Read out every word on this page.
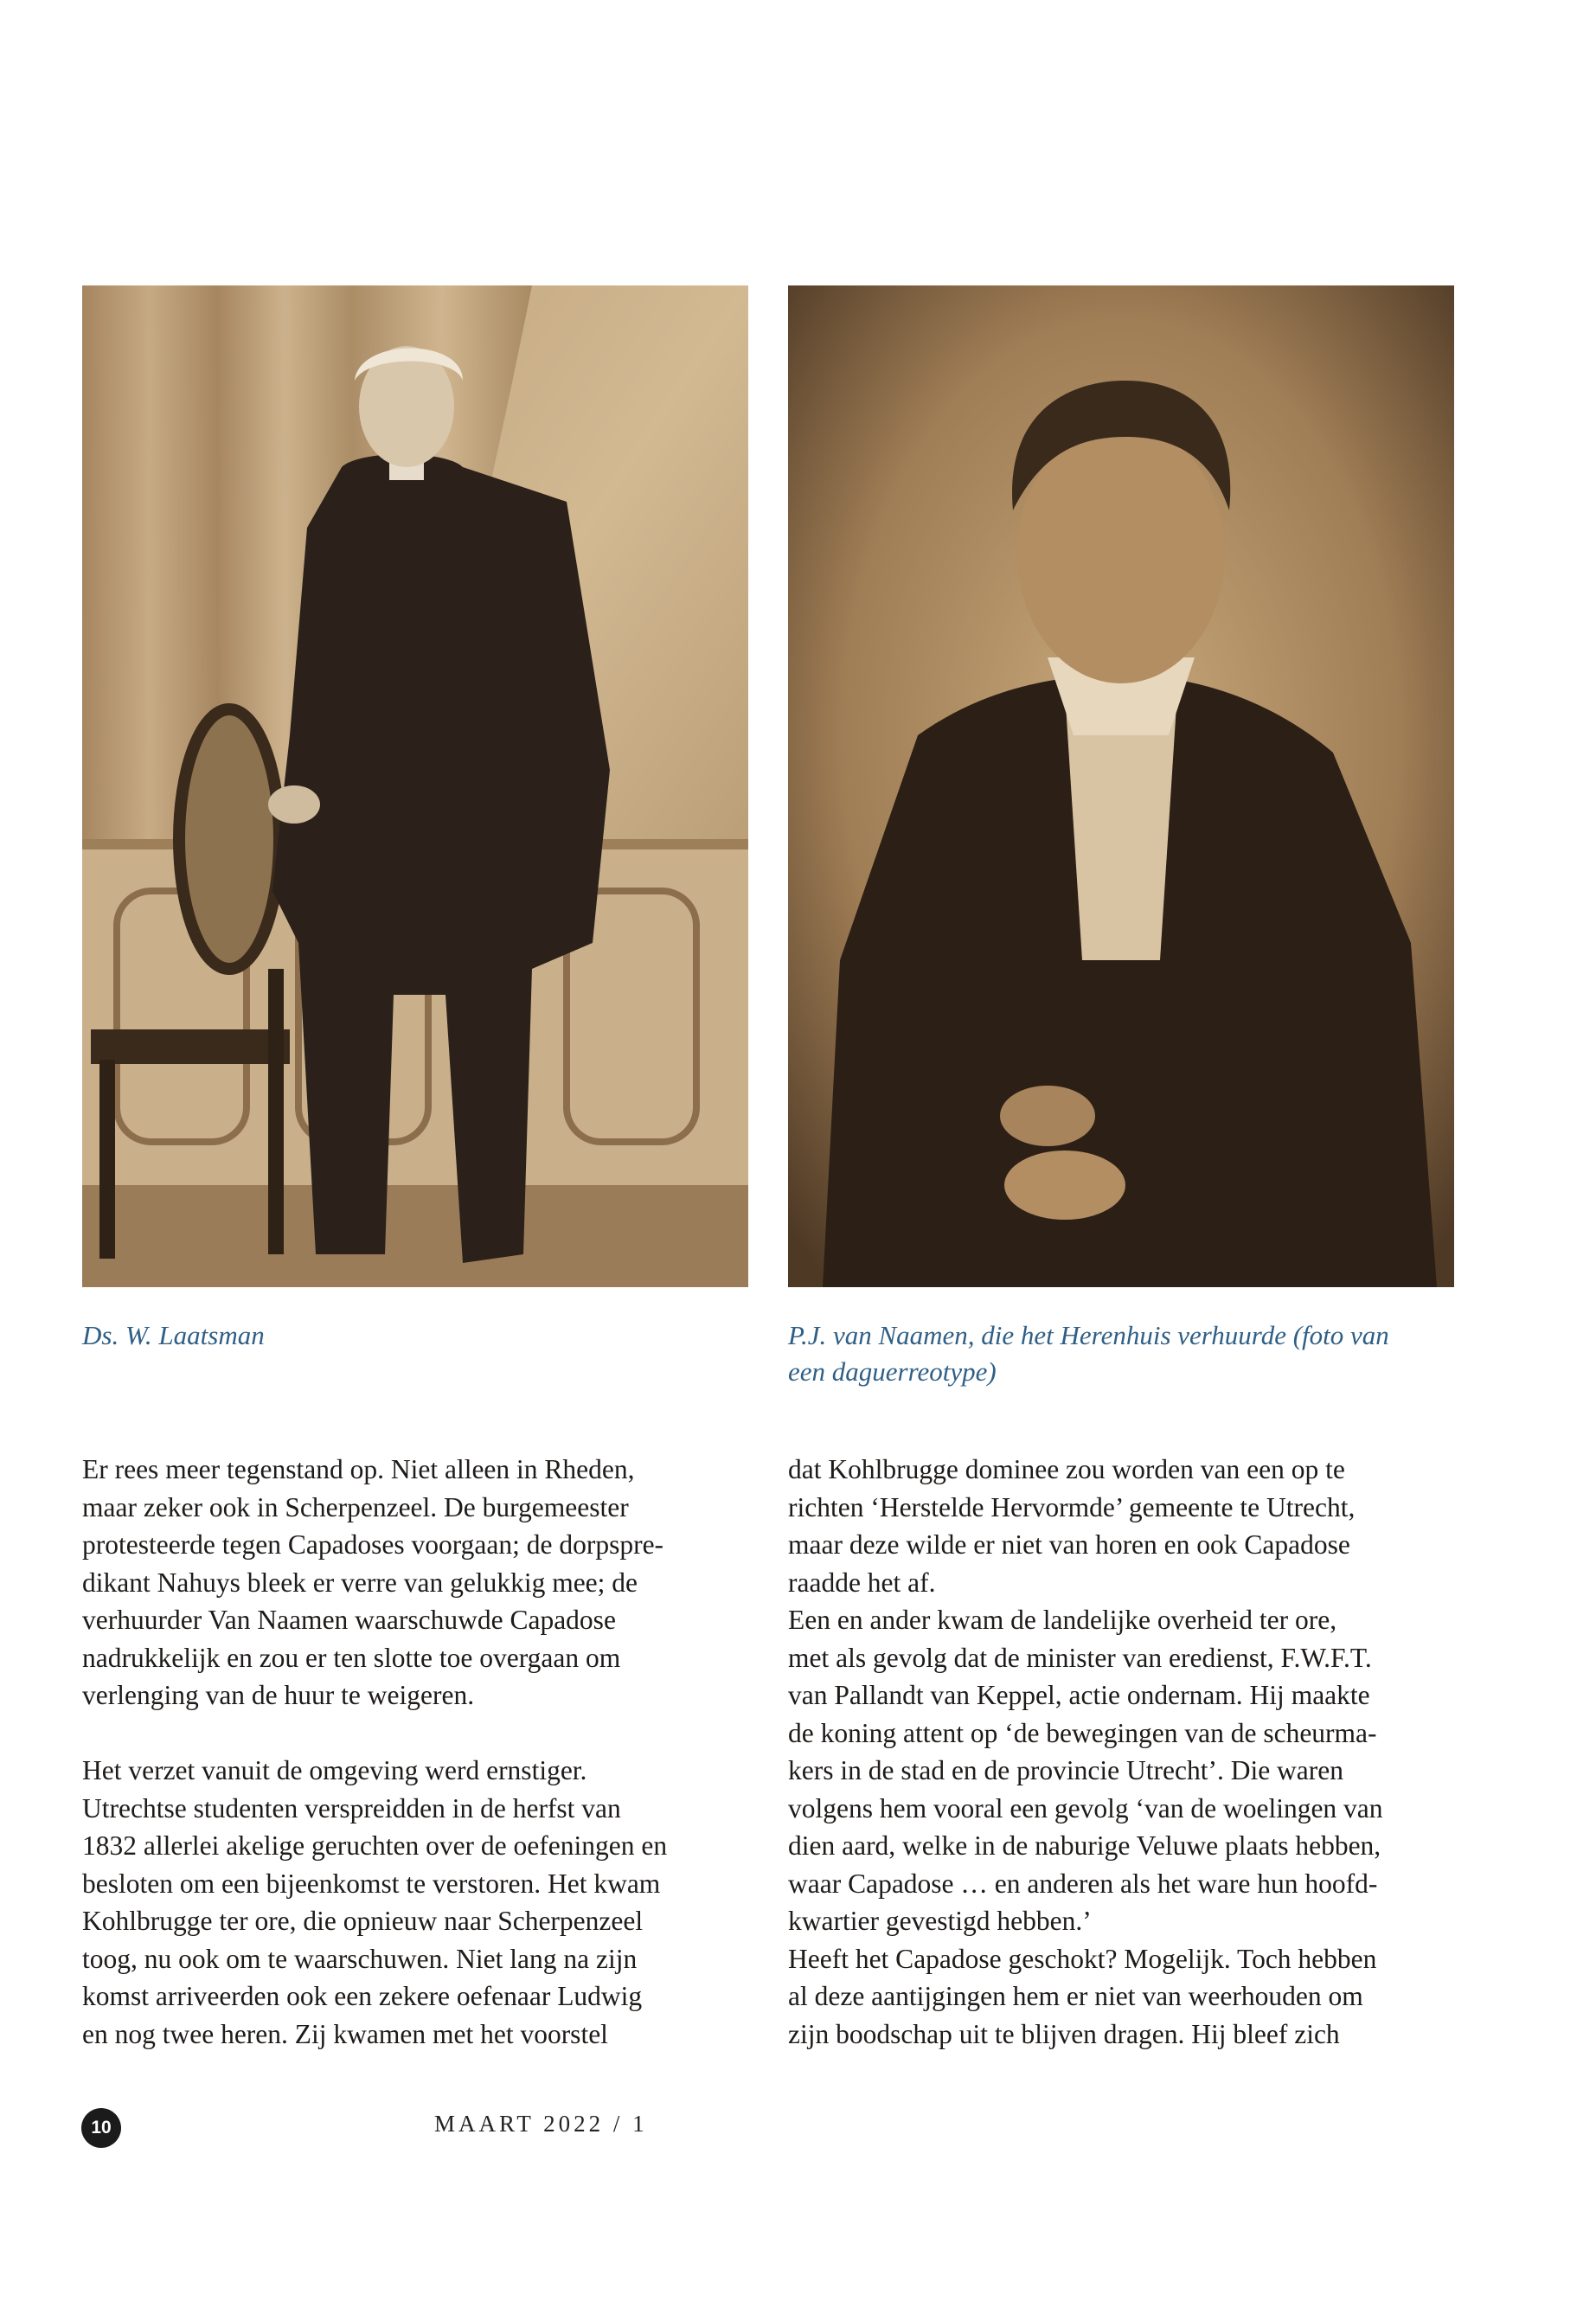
Ds. W. Laatsman	P.J. van Naamen, die het Herenhuis verhuurde (foto van
een daguerreotype)

Er rees meer tegenstand op. Niet alleen in Rheden,

maar zeker ook in Scherpenzeel. De burgemeester

protesteerde tegen Capadoses voorgaan; de dorpspre-

dikant Nahuys bleek er verre van gelukkig mee; de

verhuurder Van Naamen waarschuwde Capadose

nadrukkelijk en zou er ten slotte toe overgaan om

verlenging van de huur te weigeren.

Het verzet vanuit de omgeving werd ernstiger.

Utrechtse studenten verspreidden in de herfst van

1832 allerlei akelige geruchten over de oefeningen en

besloten om een bijeenkomst te verstoren. Het kwam

Kohlbrugge ter ore, die opnieuw naar Scherpenzeel

toog, nu ook om te waarschuwen. Niet lang na zijn

komst arriveerden ook een zekere oefenaar Ludwig

en nog twee heren. Zij kwamen met het voorstel

dat Kohlbrugge dominee zou worden van een op te

richten ‘Herstelde Hervormde’ gemeente te Utrecht,

maar deze wilde er niet van horen en ook Capadose

raadde het af.

Een en ander kwam de landelijke overheid ter ore,

met als gevolg dat de minister van eredienst, F.W.F.T.

van Pallandt van Keppel, actie ondernam. Hij maakte

de koning attent op ‘de bewegingen van de scheurma-

kers in de stad en de provincie Utrecht’. Die waren

volgens hem vooral een gevolg ‘van de woelingen van

dien aard, welke in de naburige Veluwe plaats hebben,

waar Capadose … en anderen als het ware hun hoofd-

kwartier gevestigd hebben.’

Heeft het Capadose geschokt? Mogelijk. Toch hebben

al deze aantijgingen hem er niet van weerhouden om

zijn boodschap uit te blijven dragen. Hij bleef zich

10	MAART 2022 / 1
